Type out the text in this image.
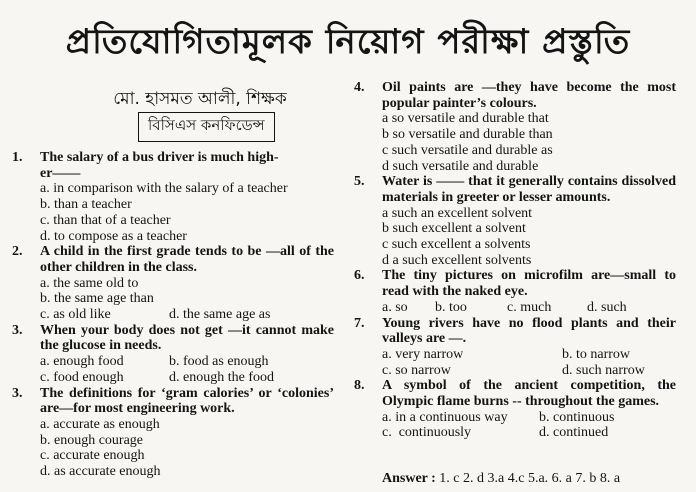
প্রতিযোগিতামূলক নিয়োগ পরীক্ষা প্রস্তুতি
মো. হাসমত আলী, শিক্ষক
বিসিএস কনফিডেন্স
1. The salary of a bus driver is much high-
er——
a. in comparison with the salary of a teacher
b. than a teacher
c. than that of a teacher
d. to compose as a teacher
2. A child in the first grade tends to be —all of the other children in the class.
a. the same old to
b. the same age than
c. as old like	d. the same age as
3. When your body does not get —it cannot make the glucose in needs.
a. enough food	b. food as enough
c. food enough	d. enough the food
3. The definitions for ‘gram calories’ or ‘colonies’ are—for most engineering work.
a. accurate as enough
b. enough courage
c. accurate enough
d. as accurate enough
4. Oil paints are —they have become the most popular painter’s colours.
a so versatile and durable that
b so versatile and durable than
c such versatile and durable as
d such versatile and durable
5. Water is —— that it generally contains dissolved materials in greeter or lesser amounts.
a such an excellent solvent
b such excellent a solvent
c such excellent a solvents
d a such excellent solvents
6. The tiny pictures on microfilm are—small to read with the naked eye.
a. so	b. too	c. much	d. such
7. Young rivers have no flood plants and their valleys are —.
a. very narrow	b. to narrow
c. so narrow	d. such narrow
8. A symbol of the ancient competition, the Olympic flame burns -- throughout the games.
a. in a continuous way	b. continuous
c.  continuously	d. continued
Answer : 1. c 2. d 3.a 4.c 5.a. 6. a 7. b 8. a
